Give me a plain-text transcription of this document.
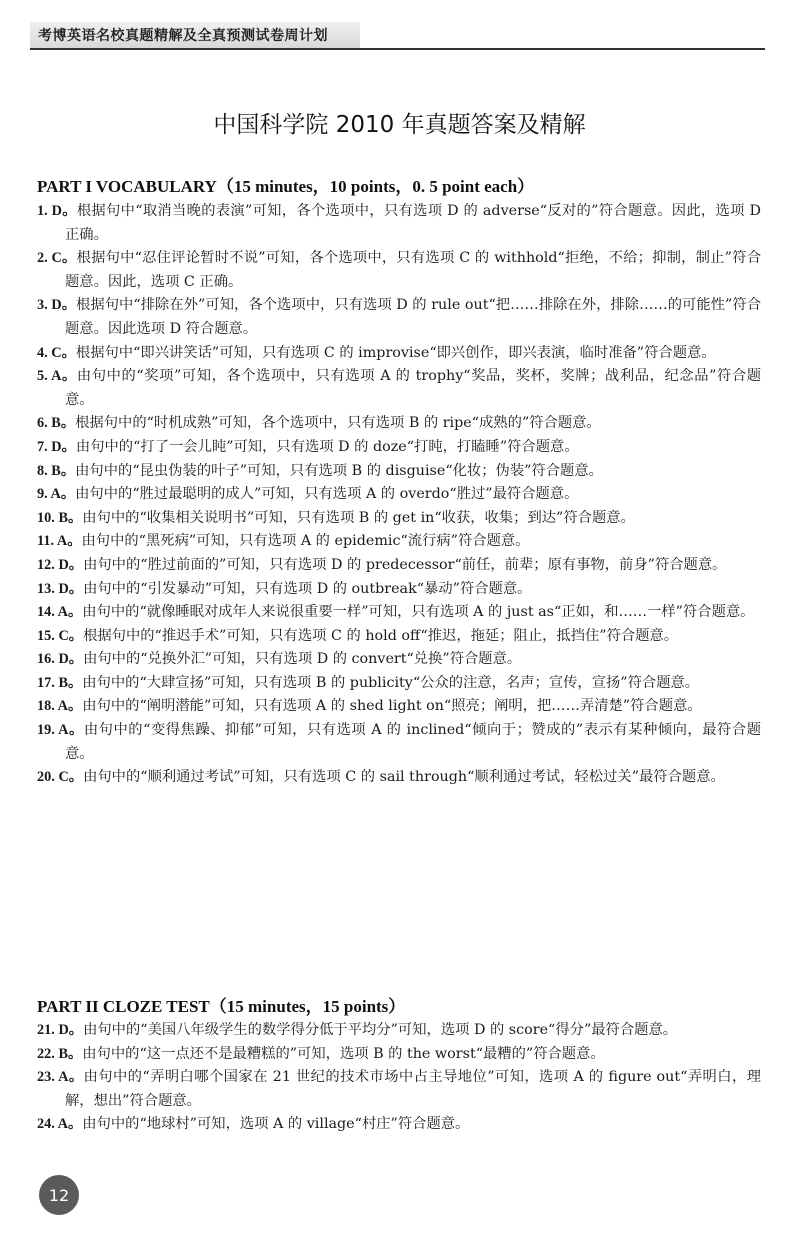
考博英语名校真题精解及全真预测试卷周计划
中国科学院 2010 年真题答案及精解
PART I VOCABULARY（15 minutes，10 points，0. 5 point each）

1. D。根据句中“取消当晚的表演”可知，各个选项中，只有选项 D 的 adverse“反对的”符合题意。因此，选项 D 正确。

2. C。根据句中“忍住评论暂时不说”可知，各个选项中，只有选项 C 的 withhold“拒绝，不给；抑制，制止”符合题意。因此，选项 C 正确。

3. D。根据句中“排除在外”可知，各个选项中，只有选项 D 的 rule out“把……排除在外，排除……的可能性”符合题意。因此选项 D 符合题意。

4. C。根据句中“即兴讲笑话”可知，只有选项 C 的 improvise“即兴创作，即兴表演，临时准备”符合题意。

5. A。由句中的“奖项”可知，各个选项中，只有选项 A 的 trophy“奖品，奖杯，奖牌；战利品，纪念品”符合题意。

6. B。根据句中的“时机成熟”可知，各个选项中，只有选项 B 的 ripe“成熟的”符合题意。

7. D。由句中的“打了一会儿盹”可知，只有选项 D 的 doze“打盹，打瞌睡”符合题意。

8. B。由句中的“昆虫伪装的叶子”可知，只有选项 B 的 disguise“化妆；伪装”符合题意。

9. A。由句中的“胜过最聪明的成人”可知，只有选项 A 的 overdo“胜过”最符合题意。

10. B。由句中的“收集相关说明书”可知，只有选项 B 的 get in“收获，收集；到达”符合题意。

11. A。由句中的“黑死病”可知，只有选项 A 的 epidemic“流行病”符合题意。

12. D。由句中的“胜过前面的”可知，只有选项 D 的 predecessor“前任，前辈；原有事物，前身”符合题意。

13. D。由句中的“引发暴动”可知，只有选项 D 的 outbreak“暴动”符合题意。

14. A。由句中的“就像睡眠对成年人来说很重要一样”可知，只有选项 A 的 just as“正如，和……一样”符合题意。

15. C。根据句中的“推迟手术”可知，只有选项 C 的 hold off“推迟，拖延；阻止，抵挡住”符合题意。

16. D。由句中的“兑换外汇”可知，只有选项 D 的 convert“兑换”符合题意。

17. B。由句中的“大肆宣扬”可知，只有选项 B 的 publicity“公众的注意，名声；宣传，宣扬”符合题意。

18. A。由句中的“阐明潜能”可知，只有选项 A 的 shed light on“照亮；阐明，把……弄清楚”符合题意。

19. A。由句中的“变得焦躁、抑郁”可知，只有选项 A 的 inclined“倾向于；赞成的”表示有某种倾向，最符合题意。

20. C。由句中的“顺利通过考试”可知，只有选项 C 的 sail through“顺利通过考试，轻松过关”最符合题意。

PART II CLOZE TEST（15 minutes，15 points）

21. D。由句中的“美国八年级学生的数学得分低于平均分”可知，选项 D 的 score“得分”最符合题意。

22. B。由句中的“这一点还不是最糟糕的”可知，选项 B 的 the worst“最糟的”符合题意。

23. A。由句中的“弄明白哪个国家在 21 世纪的技术市场中占主导地位”可知，选项 A 的 figure out“弄明白，理解，想出”符合题意。

24. A。由句中的“地球村”可知，选项 A 的 village“村庄”符合题意。

12
